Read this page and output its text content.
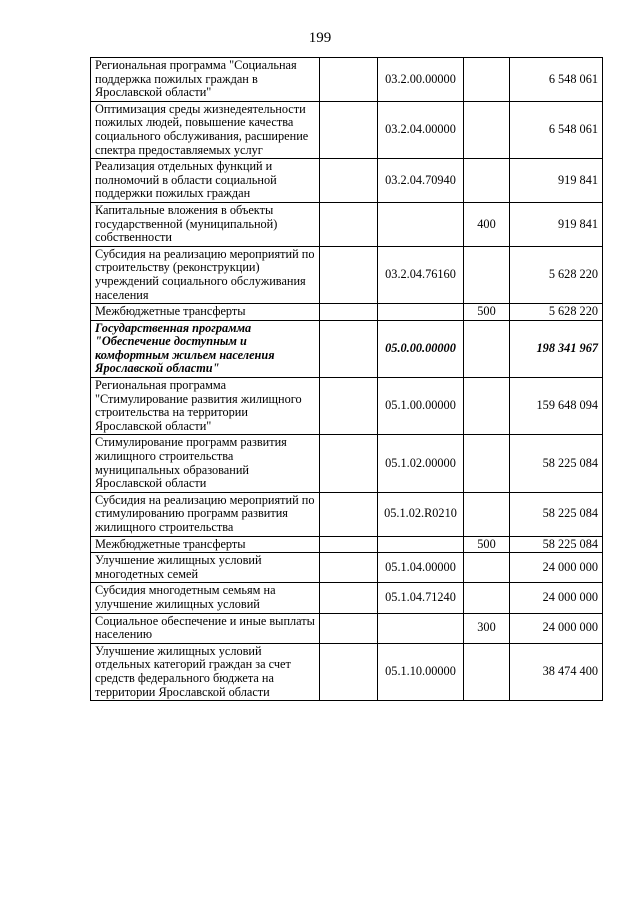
199
Региональная программа "Социальная поддержка пожилых граждан в Ярославской области"		03.2.00.00000		6 548 061
Оптимизация среды жизнедеятельности пожилых людей, повышение качества социального обслуживания, расширение спектра предоставляемых услуг		03.2.04.00000		6 548 061
Реализация отдельных функций и полномочий в области социальной поддержки пожилых граждан		03.2.04.70940		919 841
Капитальные вложения в объекты государственной (муниципальной) собственности			400	919 841
Субсидия на реализацию мероприятий по строительству (реконструкции) учреждений социального обслуживания населения		03.2.04.76160		5 628 220
Межбюджетные трансферты			500	5 628 220
Государственная программа "Обеспечение доступным и комфортным жильем населения Ярославской области"		05.0.00.00000		198 341 967
Региональная программа "Стимулирование развития жилищного строительства на территории Ярославской области"		05.1.00.00000		159 648 094
Стимулирование программ развития жилищного строительства муниципальных образований Ярославской области		05.1.02.00000		58 225 084
Субсидия на реализацию мероприятий по стимулированию программ развития жилищного строительства		05.1.02.R0210		58 225 084
Межбюджетные трансферты			500	58 225 084
Улучшение жилищных условий многодетных семей		05.1.04.00000		24 000 000
Субсидия многодетным семьям на улучшение жилищных условий		05.1.04.71240		24 000 000
Социальное обеспечение и иные выплаты населению			300	24 000 000
Улучшение жилищных условий отдельных категорий граждан за счет средств федерального бюджета на территории Ярославской области		05.1.10.00000		38 474 400
